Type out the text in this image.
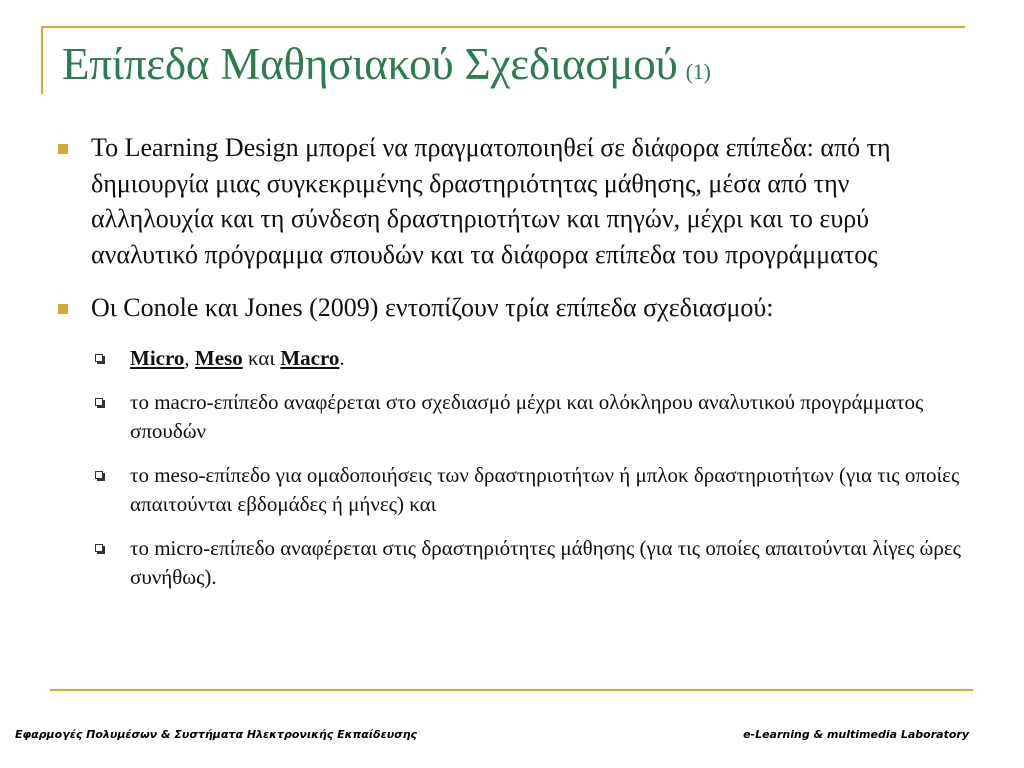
Επίπεδα Μαθησιακού Σχεδιασμού (1)
Το Learning Design μπορεί να πραγματοποιηθεί σε διάφορα επίπεδα: από τη δημιουργία μιας συγκεκριμένης δραστηριότητας μάθησης, μέσα από την αλληλουχία και τη σύνδεση δραστηριοτήτων και πηγών, μέχρι και το ευρύ αναλυτικό πρόγραμμα σπουδών και τα διάφορα επίπεδα του προγράμματος
Οι Conole και Jones (2009) εντοπίζουν τρία επίπεδα σχεδιασμού:
Micro, Meso και Macro.
το macro-επίπεδο αναφέρεται στο σχεδιασμό μέχρι και ολόκληρου αναλυτικού προγράμματος σπουδών
το meso-επίπεδο για ομαδοποιήσεις των δραστηριοτήτων ή μπλοκ δραστηριοτήτων (για τις οποίες απαιτούνται εβδομάδες ή μήνες) και
το micro-επίπεδο αναφέρεται στις δραστηριότητες μάθησης (για τις οποίες απαιτούνται λίγες ώρες συνήθως).
Εφαρμογές Πολυμέσων & Συστήματα Ηλεκτρονικής Εκπαίδευσης	e-Learning & multimedia Laboratory
